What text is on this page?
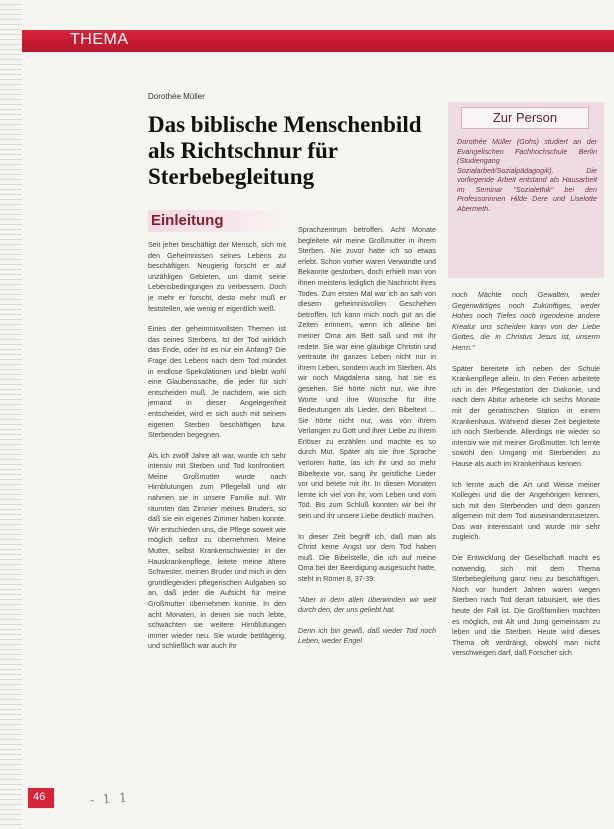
THEMA
Dorothée Müller
Das biblische Menschenbild als Richtschnur für Sterbebegleitung
Einleitung

Seit jeher beschäftigt der Mensch, sich mit den Geheimnissen seines Lebens zu beschäftigen. Neugierig forscht er auf unzähligen Gebieten, um damit seine Lebensbedingungen zu verbessern. Doch je mehr er forscht, desto mehr muß er feststellen, wie wenig er eigentlich weiß.

Eines der geheimnisvollsten Themen ist das seines Sterbens. Ist der Tod wirklich das Ende, oder ist es nur ein Anfang? Die Frage des Lebens nach dem Tod mündet in endlose Spekulationen und bleibt wohl eine Glaubenssache, die jeder für sich entscheiden muß. Je nachdem, wie sich jemand in dieser Angelegenheit entscheidet, wird er sich auch mit seinem eigenen Sterben beschäftigen bzw. Sterbenden begegnen.

Als ich zwölf Jahre alt war, wurde ich sehr intensiv mit Sterben und Tod konfrontiert. Meine Großmutter wurde nach Hirnblutungen zum Pflegefall und wir nahmen sie in unsere Familie auf. Wir räumten das Zimmer meines Bruders, so daß sie ein eigenes Zimmer haben konnte. Wir entschieden uns, die Pflege soweit wie möglich selbst zu übernehmen. Meine Mutter, selbst Krankenschwester in der Hauskrankenpflege, leitete meine ältere Schwester, meinen Bruder und mich in den grundlegenden pflegerischen Aufgaben so an, daß jeder die Aufsicht für meine Großmutter übernehmen konnte. In den acht Monaten, in denen sie noch lebte, schwächten sie weitere Hirnblutungen immer wieder neu. Sie wurde bettlägerig, und schließlich war auch ihr

Sprachzentrum betroffen. Acht Monate begleitete wir meine Großmutter in ihrem Sterben. Nie zuvor hatte ich so etwas erlebt. Schon vorher waren Verwandte und Bekannte gestorben, doch erhielt man von ihnen meistens lediglich die Nachricht ihres Todes. Zum ersten Mal war ich an sah von diesem geheimnisvollen Geschehen betroffen. Ich kann mich noch gut an die Zeiten erinnern, wenn ich alleine bei meiner Oma am Bett saß und mit ihr redete. Sie war eine gläubige Christin und vertraute ihr ganzes Leben nicht nur in ihrem Leben, sondern auch im Sterben. Als wir noch Magdalena sang, hat sie es gesehen. Sie hörte nicht nur, wie ihre Worte und ihre Wünsche für ihre Bedeutungen als Lieder, den Bibeltext ... Sie hörte nicht nur, was von ihrem Verlangen zu Gott und ihrer Liebe zu ihrem Erlöser zu erzählen und machte es so durch Mut. Später als sie ihre Sprache verloren hatte, las ich ihr und so mehr Bibeltexte vor, sang ihr geistliche Lieder vor und betete mit ihr. In diesen Monaten lernte ich viel von ihr, vom Leben und vom Tod. Bis zum Schluß konnten wir bei ihr sein und ihr unsere Liebe deutlich machen.

In dieser Zeit begriff ich, daß man als Christ keine Angst vor dem Tod haben muß. Die Bibelstelle, die ich auf meine Oma bei der Beerdigung ausgesucht hatte, steht in Römer 8, 37-39:

"Aber in dem allen überwinden wir weit durch den, der uns geliebt hat.

Denn ich bin gewiß, daß weder Tod noch Leben, weder Engel

Zur Person
Dorothée Müller (Gohs) studiert an der Evangelischen Fachhochschule Berlin (Studiengang Sozialarbeit/Sozialpädagogik). Die vorliegende Arbeit entstand als Hausarbeit im Seminar "Sozialethik" bei den Professorinnen Hilde Dere und Liselotte Abermeth.

noch Mächte noch Gewalten, weder Gegenwärtiges noch Zukünftiges, weder Hohes noch Tiefes noch irgendeine andere Kreatur uns scheiden kann von der Liebe Gottes, die in Christus Jesus ist, unserm Herrn."

Später bereitete ich neben der Schule Krankenpflege allein. In den Ferien arbeitete ich in der Pflegestation der Diakonie, und nach dem Abitur arbeitete ich sechs Monate mit der geriatrischen Station in einem Krankenhaus. Während dieser Zeit begleitete ich noch Sterbende. Allerdings nie wieder so intensiv wie mit meiner Großmutter. Ich lernte sowohl den Umgang mit Sterbenden zu Hause als auch im Krankenhaus kennen.

Ich lernte auch die Art und Weise meiner Kollegen und die der Angehörigen kennen, sich mit den Sterbenden und dem ganzen allgemein mit dem Tod auseinanderzusetzen. Das war interessant und wurde mir sehr zugleich.

Die Entwicklung der Gesellschaft macht es notwendig, sich mit dem Thema Sterbebegleitung ganz neu zu beschäftigen. Noch vor hundert Jahren waren wegen Sterben nach Tod derart tabuisiert, wie dies heute der Fall ist. Die Großfamilien machten es möglich, mit Alt und Jung gemeinsam zu leben und die Sterben. Heute wird dieses Thema oft verdrängt, obwohl man nicht verschweigen darf, daß Forscher sich

46	- 1 1
